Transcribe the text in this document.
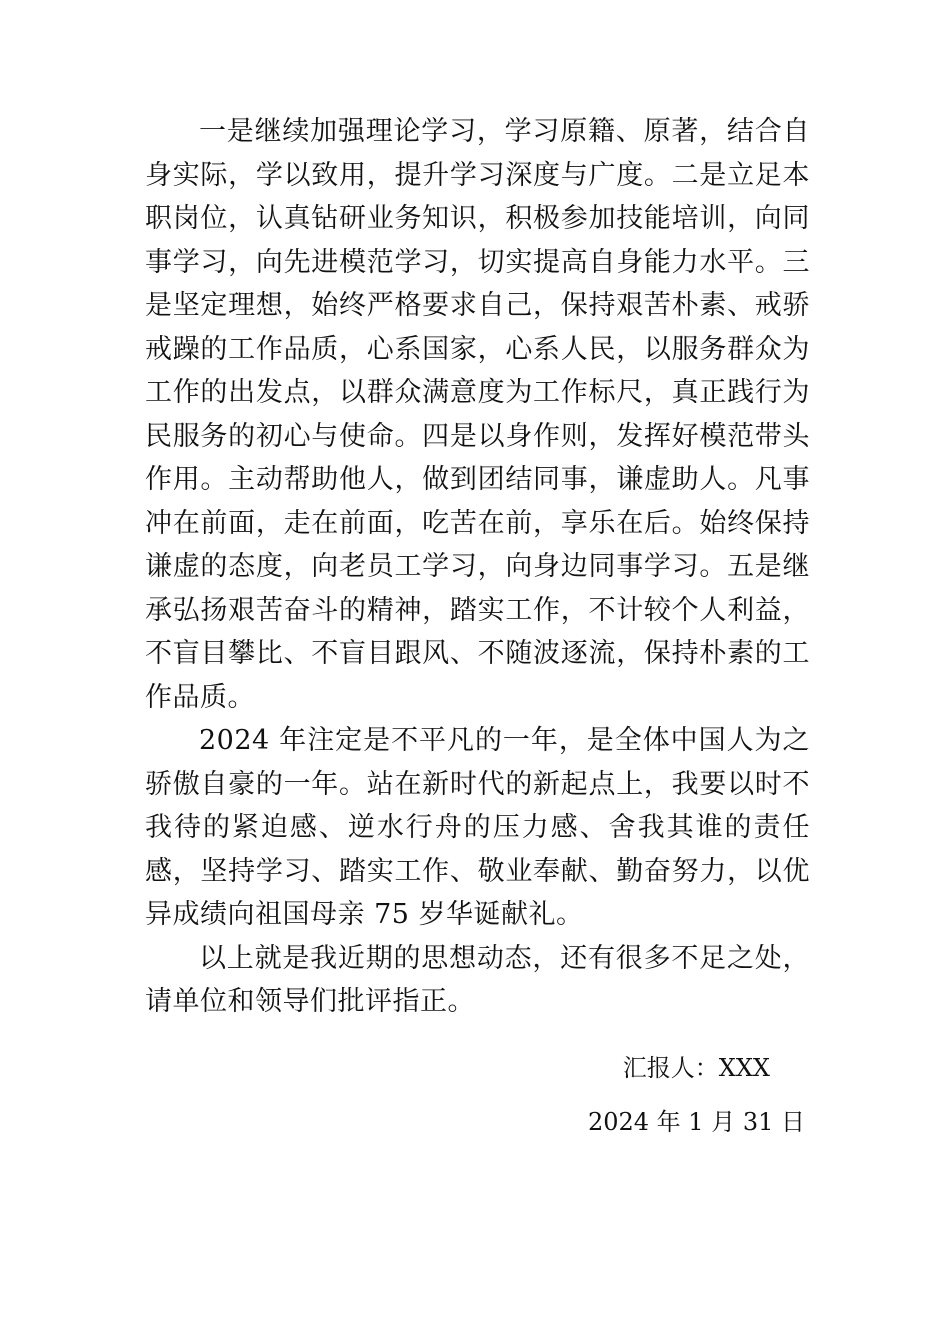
一是继续加强理论学习，学习原籍、原著，结合自身实际，学以致用，提升学习深度与广度。二是立足本职岗位，认真钻研业务知识，积极参加技能培训，向同事学习，向先进模范学习，切实提高自身能力水平。三是坚定理想，始终严格要求自己，保持艰苦朴素、戒骄戒躁的工作品质，心系国家，心系人民，以服务群众为工作的出发点，以群众满意度为工作标尺，真正践行为民服务的初心与使命。四是以身作则，发挥好模范带头作用。主动帮助他人，做到团结同事，谦虚助人。凡事冲在前面，走在前面，吃苦在前，享乐在后。始终保持谦虚的态度，向老员工学习，向身边同事学习。五是继承弘扬艰苦奋斗的精神，踏实工作，不计较个人利益，不盲目攀比、不盲目跟风、不随波逐流，保持朴素的工作品质。

2024 年注定是不平凡的一年，是全体中国人为之骄傲自豪的一年。站在新时代的新起点上，我要以时不我待的紧迫感、逆水行舟的压力感、舍我其谁的责任感，坚持学习、踏实工作、敬业奉献、勤奋努力，以优异成绩向祖国母亲 75 岁华诞献礼。

以上就是我近期的思想动态，还有很多不足之处，请单位和领导们批评指正。

汇报人：XXX
2024 年 1 月 31 日
